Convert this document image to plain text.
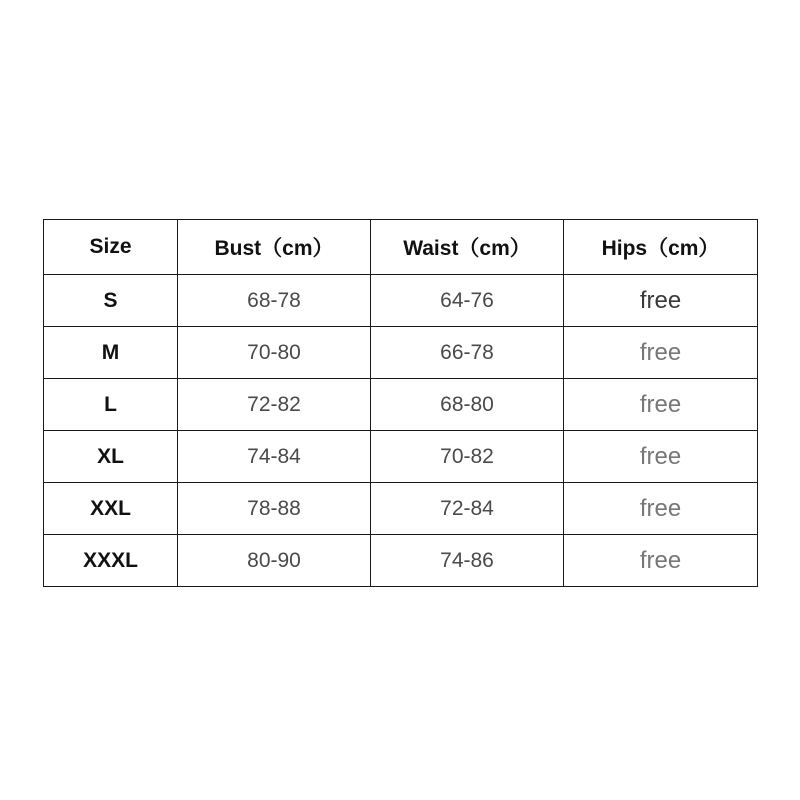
Size	Bust（cm）	Waist（cm）	Hips（cm）
S	68-78	64-76	free
M	70-80	66-78	free
L	72-82	68-80	free
XL	74-84	70-82	free
XXL	78-88	72-84	free
XXXL	80-90	74-86	free
